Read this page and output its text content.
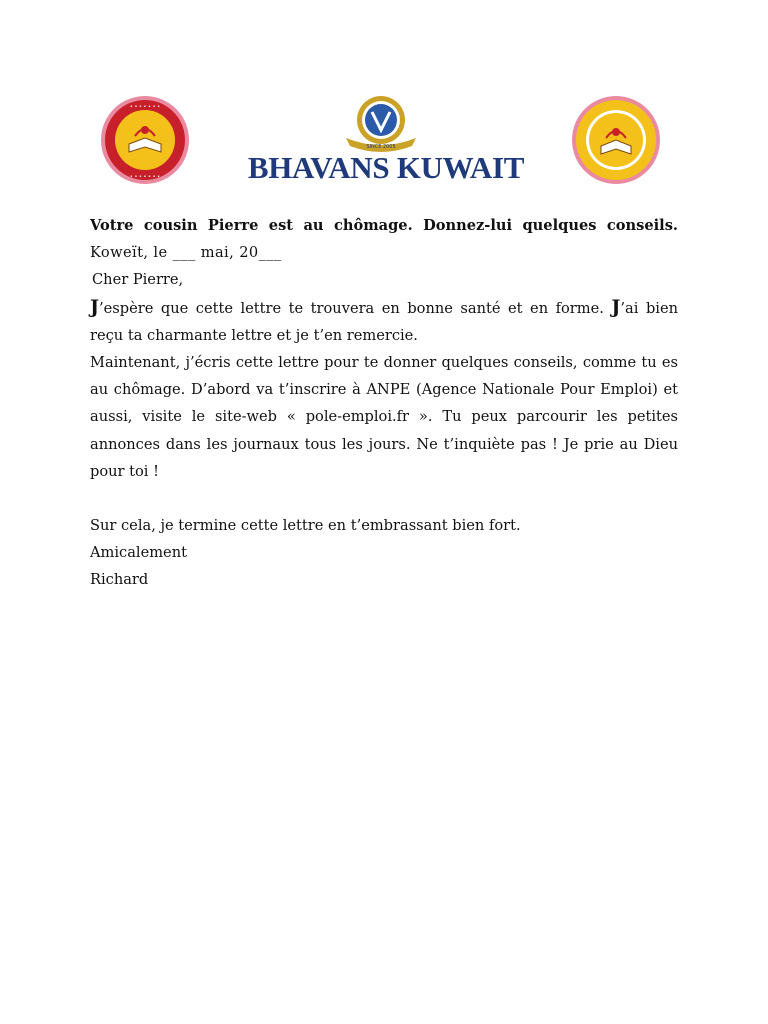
• • • • • • •
• • • • • • •
SINCE 2005
BHAVANS KUWAIT

Votre cousin Pierre est au chômage. Donnez-lui quelques conseils.

Koweït, le ___ mai, 20___

Cher Pierre,

J’espère que cette lettre te trouvera en bonne santé et en forme. J’ai bien reçu ta charmante lettre et je t’en remercie.

Maintenant, j’écris cette lettre pour te donner quelques conseils, comme tu es au chômage. D’abord va t’inscrire à ANPE (Agence Nationale Pour Emploi) et aussi, visite le site-web « pole-emploi.fr ». Tu peux parcourir les petites annonces dans les journaux tous les jours. Ne t’inquiète pas ! Je prie au Dieu pour toi !

Sur cela, je termine cette lettre en t’embrassant bien fort.

Amicalement

Richard
